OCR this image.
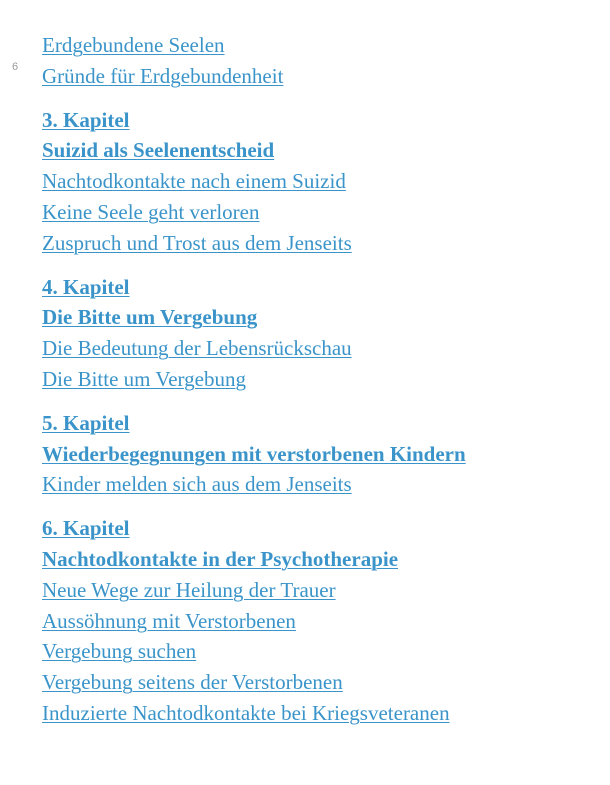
6
Erdgebundene Seelen
Gründe für Erdgebundenheit
3. Kapitel
Suizid als Seelenentscheid
Nachtodkontakte nach einem Suizid
Keine Seele geht verloren
Zuspruch und Trost aus dem Jenseits
4. Kapitel
Die Bitte um Vergebung
Die Bedeutung der Lebensrückschau
Die Bitte um Vergebung
5. Kapitel
Wiederbegegnungen mit verstorbenen Kindern
Kinder melden sich aus dem Jenseits
6. Kapitel
Nachtodkontakte in der Psychotherapie
Neue Wege zur Heilung der Trauer
Aussöhnung mit Verstorbenen
Vergebung suchen
Vergebung seitens der Verstorbenen
Induzierte Nachtodkontakte bei Kriegsveteranen
